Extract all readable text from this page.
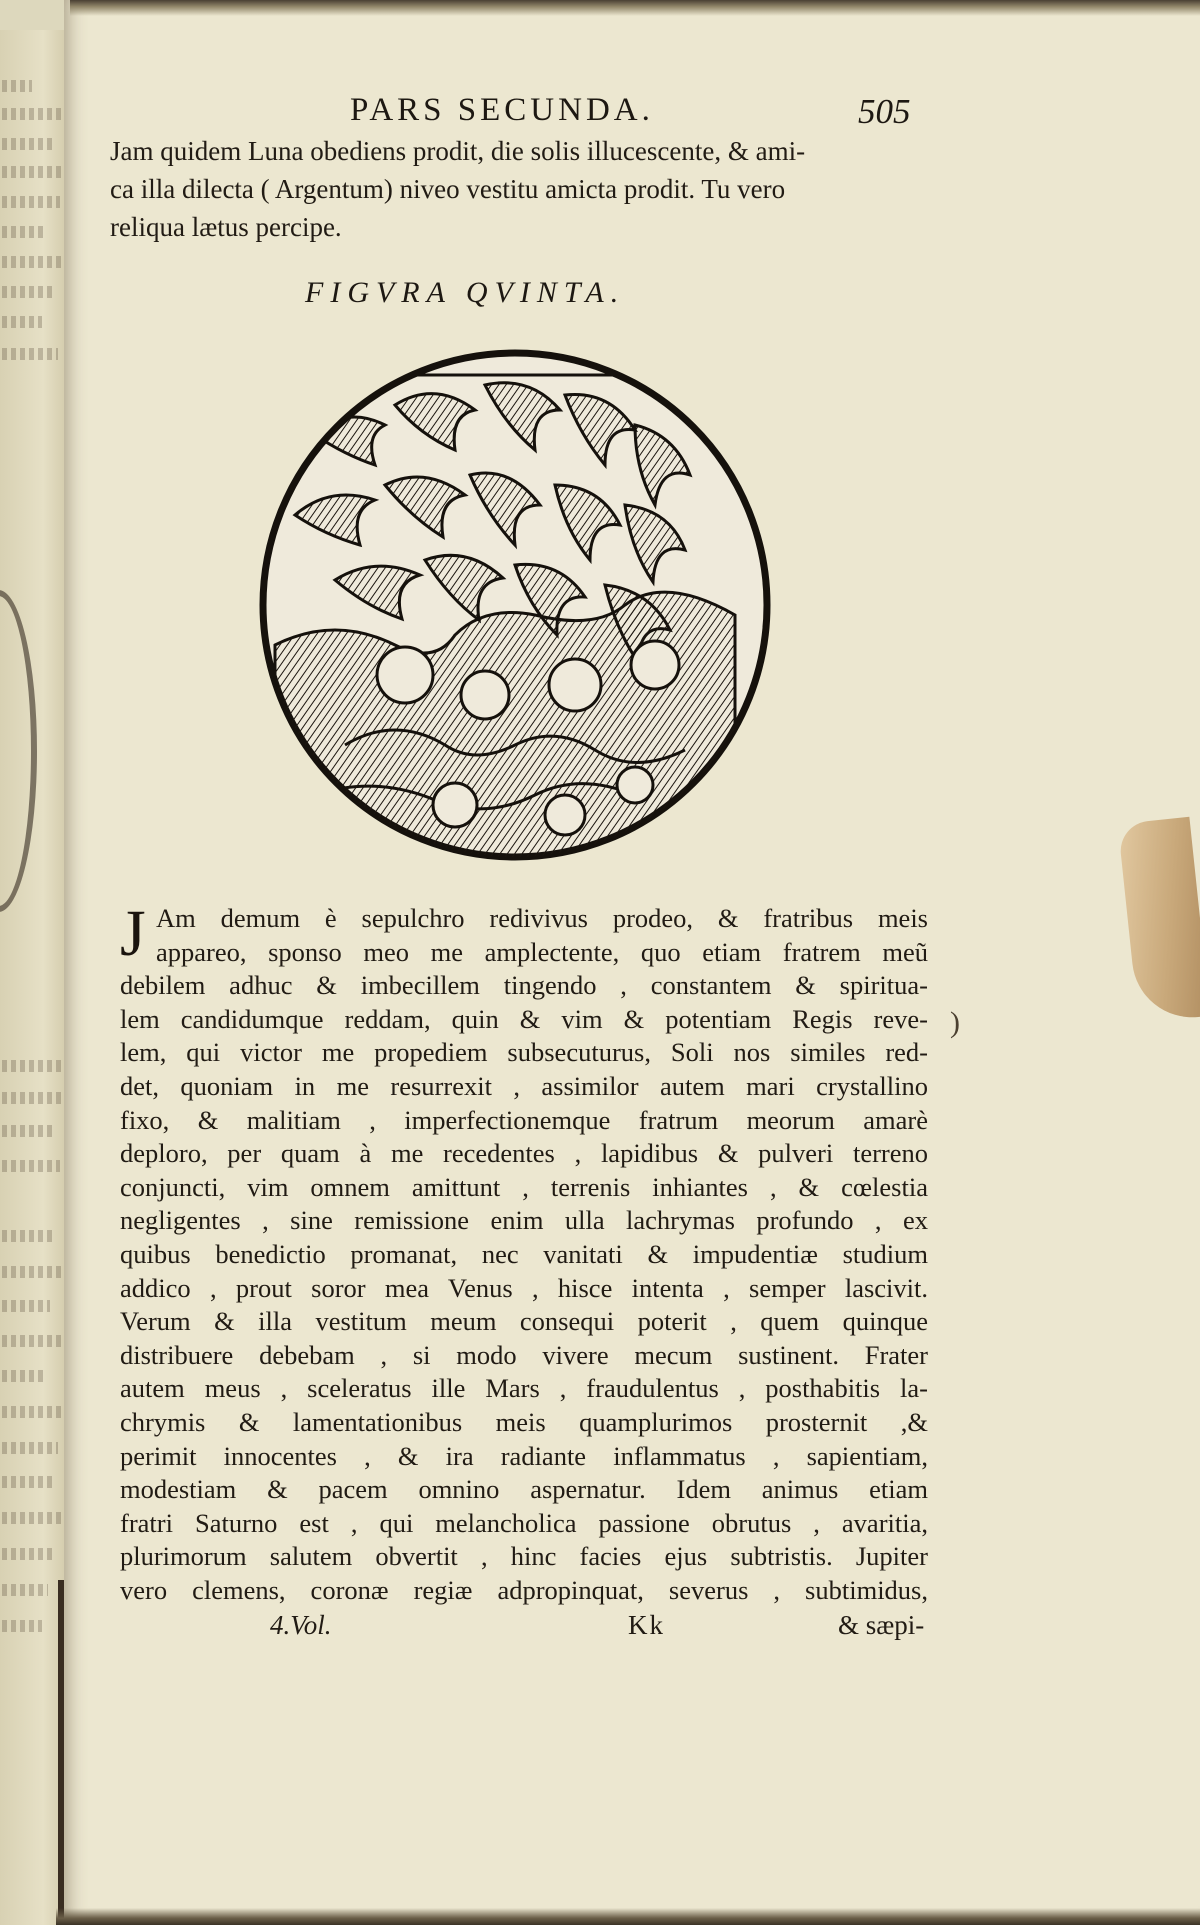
PARS SECUNDA.	505
Jam quidem Luna obediens prodit, die solis illucescente, & ami-
ca illa dilecta ( Argentum) niveo vestitu amicta prodit. Tu vero
reliqua lætus percipe.
FIGVRA QVINTA.
J Am demum è sepulchro redivivus prodeo, & fratribus meis
appareo, sponso meo me amplectente, quo etiam fratrem meũ
debilem adhuc & imbecillem tingendo , constantem & spiritua-
lem candidumque reddam, quin & vim & potentiam Regis reve-
lem, qui victor me propediem subsecuturus, Soli nos similes red-
det, quoniam in me resurrexit , assimilor autem mari crystallino
fixo, & malitiam , imperfectionemque fratrum meorum amarè
deploro, per quam à me recedentes , lapidibus & pulveri terreno
conjuncti, vim omnem amittunt , terrenis inhiantes , & cœlestia
negligentes , sine remissione enim ulla lachrymas profundo , ex
quibus benedictio promanat, nec vanitati & impudentiæ studium
addico , prout soror mea Venus , hisce intenta , semper lascivit.
Verum & illa vestitum meum consequi poterit , quem quinque
distribuere debebam , si modo vivere mecum sustinent. Frater
autem meus , sceleratus ille Mars , fraudulentus , posthabitis la-
chrymis & lamentationibus meis quamplurimos prosternit ,&
perimit innocentes , & ira radiante inflammatus , sapientiam,
modestiam & pacem omnino aspernatur. Idem animus etiam
fratri Saturno est , qui melancholica passione obrutus , avaritia,
plurimorum salutem obvertit , hinc facies ejus subtristis. Jupiter
vero clemens, coronæ regiæ adpropinquat, severus , subtimidus,
)
4.Vol.	Kk	& sæpi-
